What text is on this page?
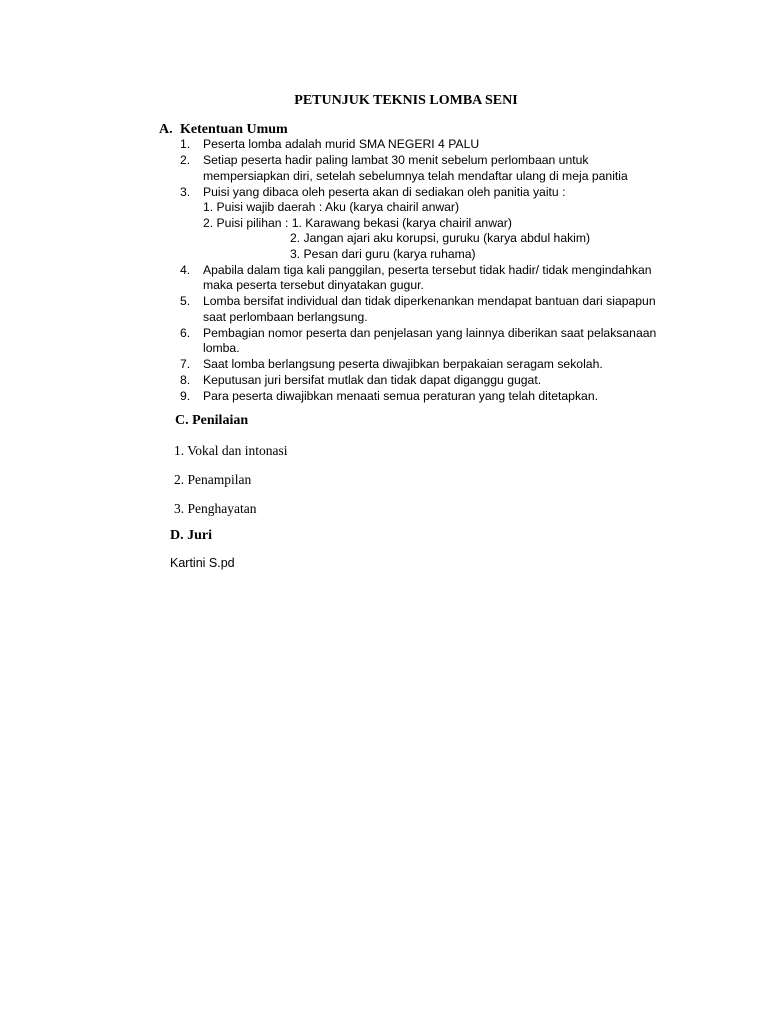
PETUNJUK TEKNIS LOMBA SENI
A. Ketentuan Umum
1. Peserta lomba adalah murid SMA NEGERI 4 PALU
2. Setiap peserta hadir paling lambat 30 menit sebelum perlombaan untuk
mempersiapkan diri, setelah sebelumnya telah mendaftar ulang di meja panitia
3. Puisi yang dibaca oleh peserta akan di sediakan oleh panitia yaitu :
1. Puisi wajib daerah : Aku (karya chairil anwar)
2. Puisi pilihan : 1. Karawang bekasi (karya chairil anwar)
2. Jangan ajari aku korupsi, guruku (karya abdul hakim)
3. Pesan dari guru (karya ruhama)
4. Apabila dalam tiga kali panggilan, peserta tersebut tidak hadir/ tidak mengindahkan
maka peserta tersebut dinyatakan gugur.
5. Lomba bersifat individual dan tidak diperkenankan mendapat bantuan dari siapapun
saat perlombaan berlangsung.
6. Pembagian nomor peserta dan penjelasan yang lainnya diberikan saat pelaksanaan
lomba.
7. Saat lomba berlangsung peserta diwajibkan berpakaian seragam sekolah.
8. Keputusan juri bersifat mutlak dan tidak dapat diganggu gugat.
9. Para peserta diwajibkan menaati semua peraturan yang telah ditetapkan.
C. Penilaian
1. Vokal dan intonasi
2. Penampilan
3. Penghayatan
D. Juri
Kartini S.pd
